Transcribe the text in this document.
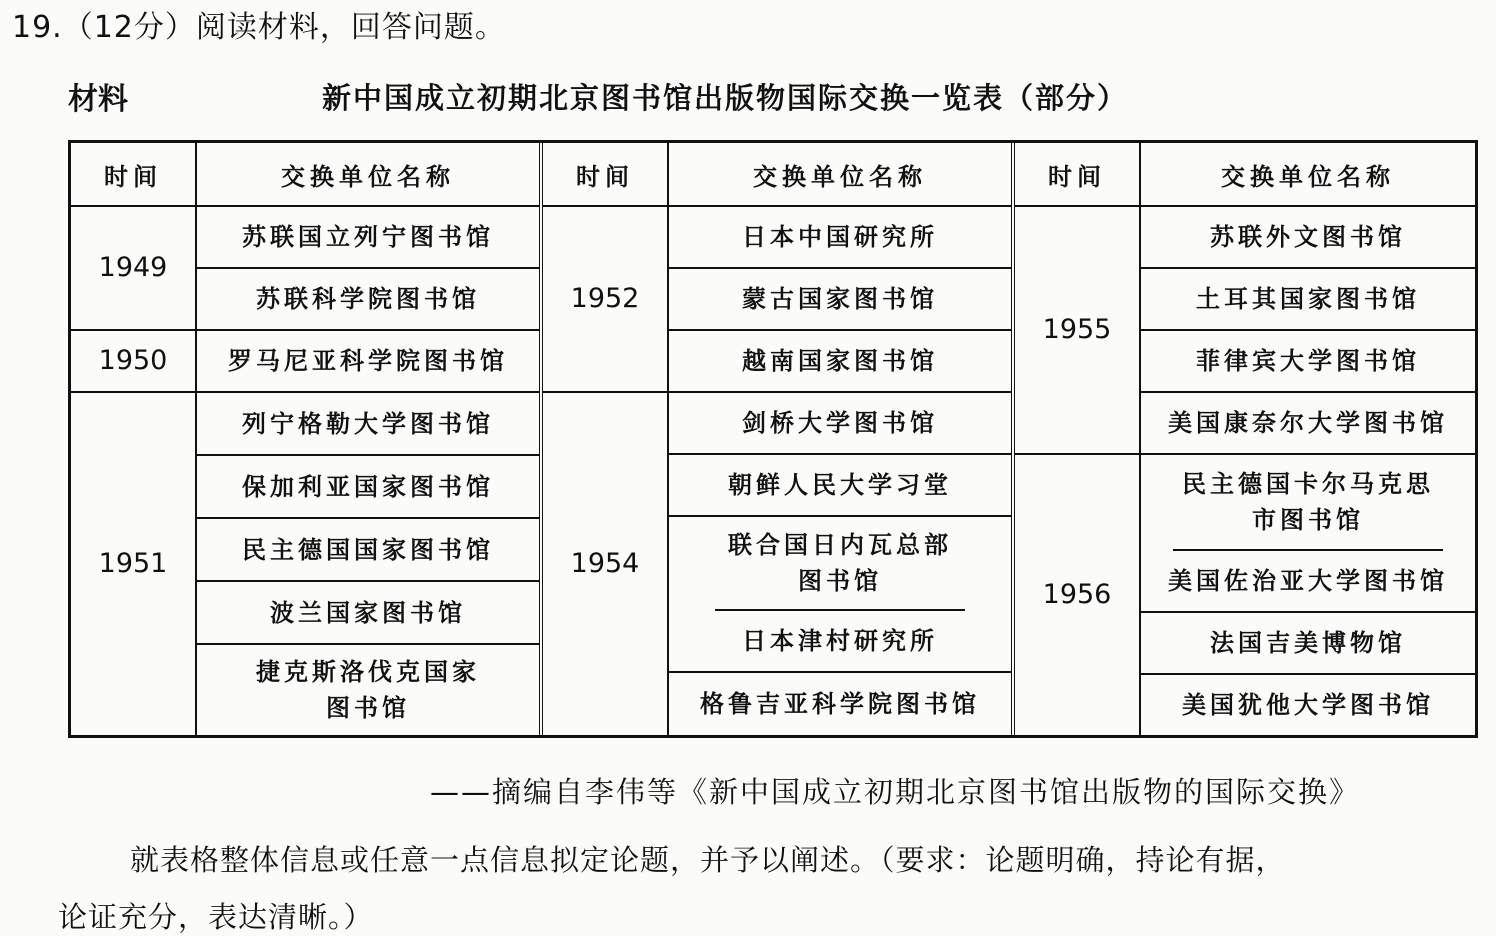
19.（12分）阅读材料，回答问题。
材料	新中国成立初期北京图书馆出版物国际交换一览表（部分）
时间
1949
1950
1951
交换单位名称
苏联国立列宁图书馆
苏联科学院图书馆
罗马尼亚科学院图书馆
列宁格勒大学图书馆
保加利亚国家图书馆
民主德国国家图书馆
波兰国家图书馆
捷克斯洛伐克国家图书馆
时间
1952
1954
交换单位名称
日本中国研究所
蒙古国家图书馆
越南国家图书馆
剑桥大学图书馆
朝鲜人民大学习堂
联合国日内瓦总部图书馆
日本津村研究所
格鲁吉亚科学院图书馆
时间
1955
1956
交换单位名称
苏联外文图书馆
土耳其国家图书馆
菲律宾大学图书馆
美国康奈尔大学图书馆
民主德国卡尔马克思市图书馆
美国佐治亚大学图书馆
法国吉美博物馆
美国犹他大学图书馆
——摘编自李伟等《新中国成立初期北京图书馆出版物的国际交换》
就表格整体信息或任意一点信息拟定论题，并予以阐述。（要求：论题明确，持论有据，
论证充分，表达清晰。）
